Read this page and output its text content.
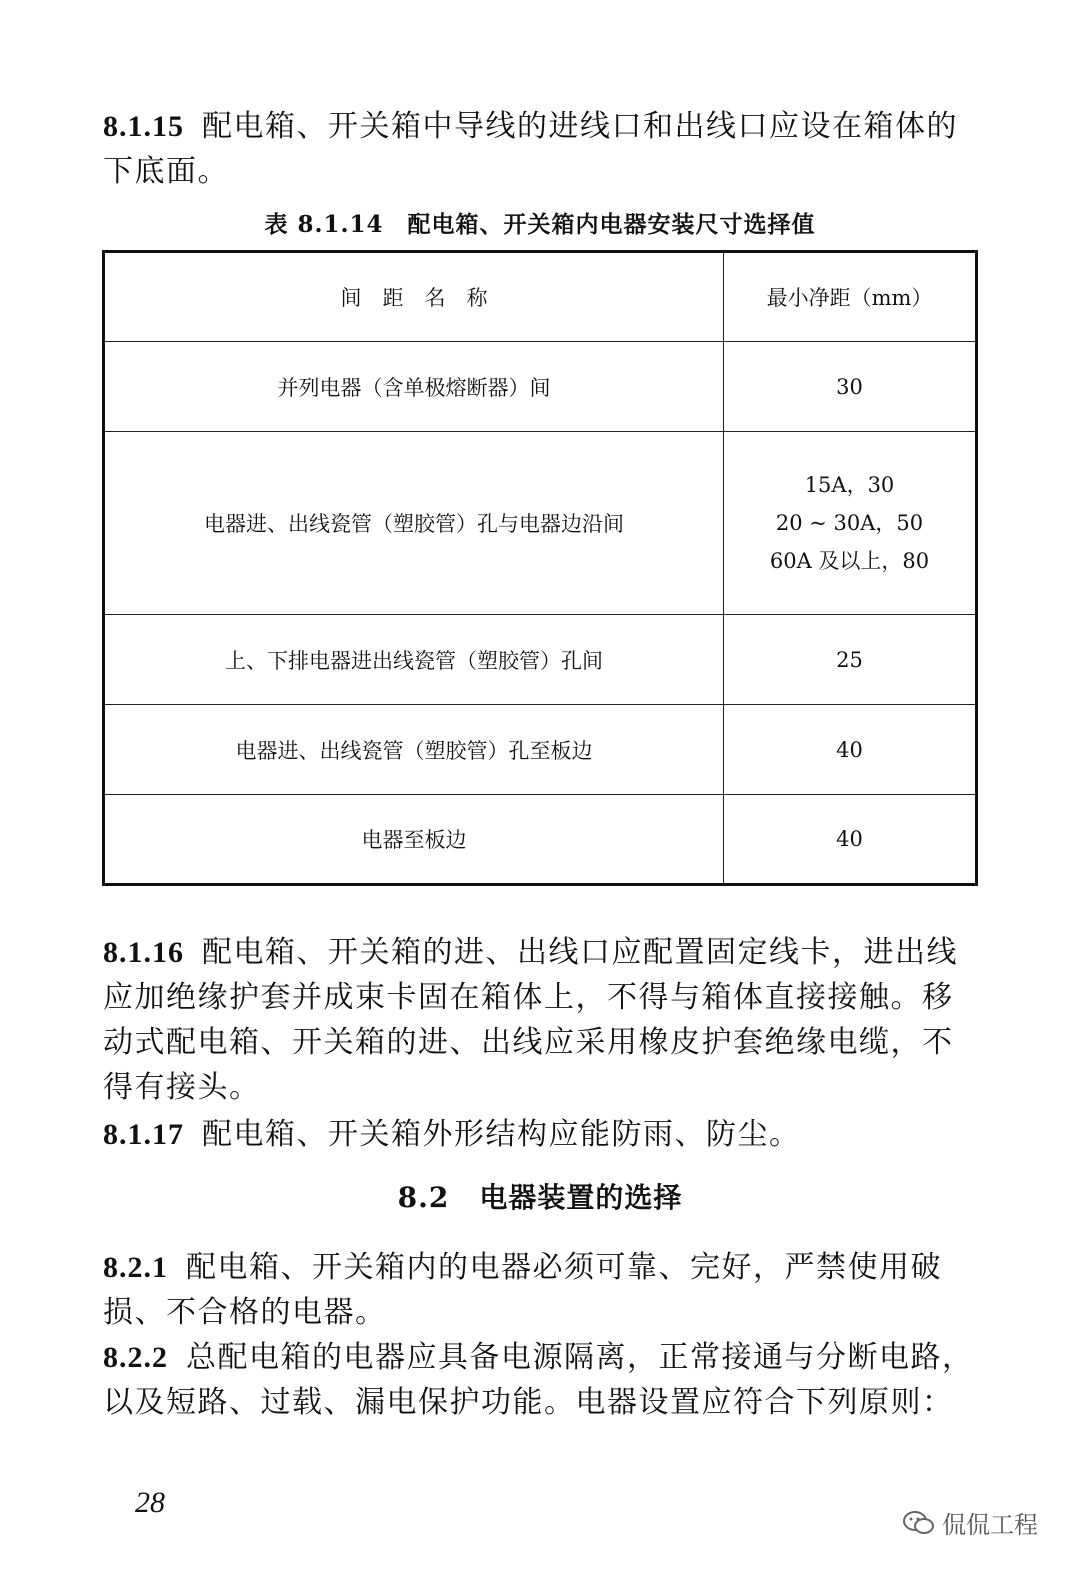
8.1.15 配电箱、开关箱中导线的进线口和出线口应设在箱体的下底面。

表 8.1.14　配电箱、开关箱内电器安装尺寸选择值
间　距　名　称	最小净距（mm）
并列电器（含单极熔断器）间	30
电器进、出线瓷管（塑胶管）孔与电器边沿间	15A，30
20 ~ 30A，50
60A 及以上，80

上、下排电器进出线瓷管（塑胶管）孔间	25
电器进、出线瓷管（塑胶管）孔至板边	40
电器至板边	40

8.1.16 配电箱、开关箱的进、出线口应配置固定线卡，进出线应加绝缘护套并成束卡固在箱体上，不得与箱体直接接触。移动式配电箱、开关箱的进、出线应采用橡皮护套绝缘电缆，不得有接头。

8.1.17 配电箱、开关箱外形结构应能防雨、防尘。

8.2 电器装置的选择

8.2.1 配电箱、开关箱内的电器必须可靠、完好，严禁使用破损、不合格的电器。

8.2.2 总配电箱的电器应具备电源隔离，正常接通与分断电路，以及短路、过载、漏电保护功能。电器设置应符合下列原则：

28
侃侃工程
